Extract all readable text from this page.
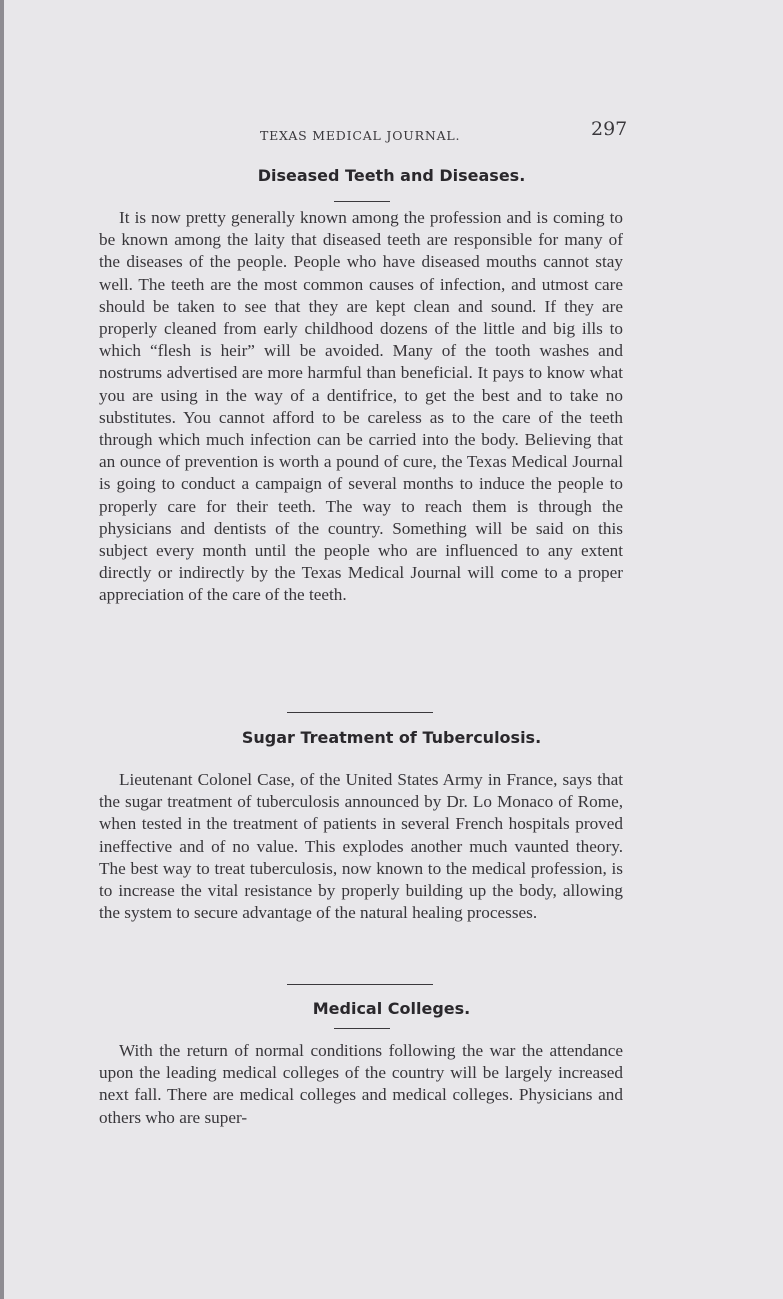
TEXAS MEDICAL JOURNAL.	297
Diseased Teeth and Diseases.

It is now pretty generally known among the profession and is coming to be known among the laity that diseased teeth are responsible for many of the diseases of the people. People who have diseased mouths cannot stay well. The teeth are the most common causes of infection, and utmost care should be taken to see that they are kept clean and sound. If they are properly cleaned from early childhood dozens of the little and big ills to which “flesh is heir” will be avoided. Many of the tooth washes and nostrums advertised are more harmful than beneficial. It pays to know what you are using in the way of a dentifrice, to get the best and to take no substitutes. You cannot afford to be careless as to the care of the teeth through which much infection can be carried into the body. Believing that an ounce of prevention is worth a pound of cure, the Texas Medical Journal is going to conduct a campaign of several months to induce the people to properly care for their teeth. The way to reach them is through the physicians and dentists of the country. Something will be said on this subject every month until the people who are influenced to any extent directly or indirectly by the Texas Medical Journal will come to a proper appreciation of the care of the teeth.

Sugar Treatment of Tuberculosis.

Lieutenant Colonel Case, of the United States Army in France, says that the sugar treatment of tuberculosis announced by Dr. Lo Monaco of Rome, when tested in the treatment of patients in several French hospitals proved ineffective and of no value. This explodes another much vaunted theory. The best way to treat tuberculosis, now known to the medical profession, is to increase the vital resistance by properly building up the body, allowing the system to secure advantage of the natural healing processes.

Medical Colleges.

With the return of normal conditions following the war the attendance upon the leading medical colleges of the country will be largely increased next fall. There are medical colleges and medical colleges. Physicians and others who are super-
